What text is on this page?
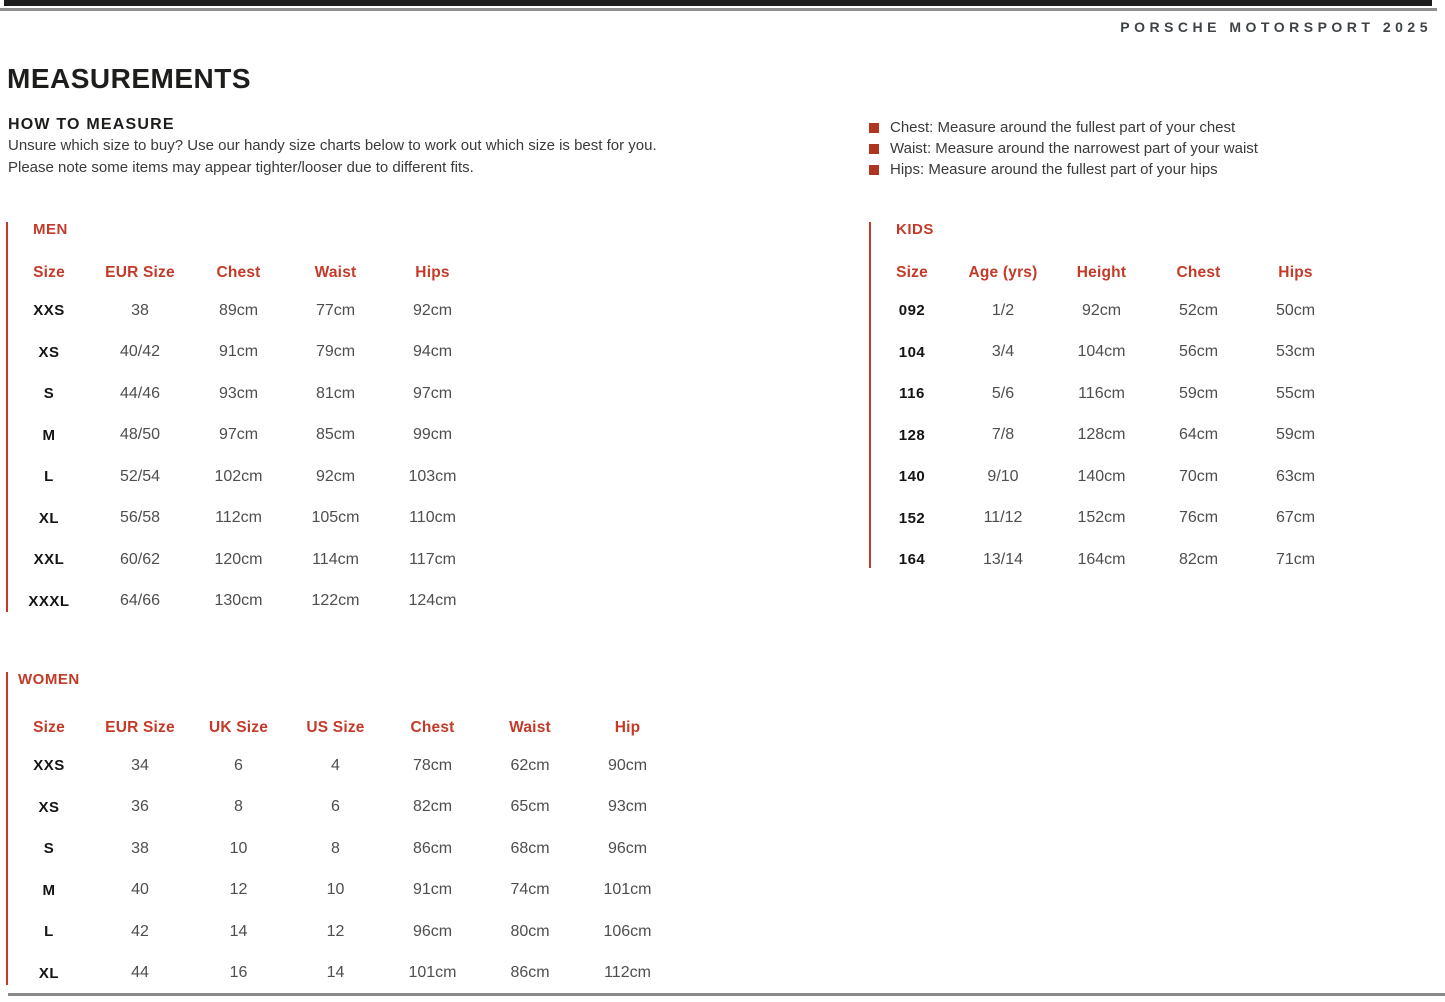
PORSCHE MOTORSPORT 2025
MEASUREMENTS
HOW TO MEASURE

Unsure which size to buy? Use our handy size charts below to work out which size is best for you.

Please note some items may appear tighter/looser due to different fits.

Chest: Measure around the fullest part of your chest
Waist: Measure around the narrowest part of your waist
Hips: Measure around the fullest part of your hips
MEN
Size	EUR Size	Chest	Waist	Hips
XXS	38	89cm	77cm	92cm
XS	40/42	91cm	79cm	94cm
S	44/46	93cm	81cm	97cm
M	48/50	97cm	85cm	99cm
L	52/54	102cm	92cm	103cm
XL	56/58	112cm	105cm	110cm
XXL	60/62	120cm	114cm	117cm
XXXL	64/66	130cm	122cm	124cm
KIDS
Size	Age (yrs)	Height	Chest	Hips
092	1/2	92cm	52cm	50cm
104	3/4	104cm	56cm	53cm
116	5/6	116cm	59cm	55cm
128	7/8	128cm	64cm	59cm
140	9/10	140cm	70cm	63cm
152	11/12	152cm	76cm	67cm
164	13/14	164cm	82cm	71cm
WOMEN
Size	EUR Size	UK Size	US Size	Chest	Waist	Hip
XXS	34	6	4	78cm	62cm	90cm
XS	36	8	6	82cm	65cm	93cm
S	38	10	8	86cm	68cm	96cm
M	40	12	10	91cm	74cm	101cm
L	42	14	12	96cm	80cm	106cm
XL	44	16	14	101cm	86cm	112cm
